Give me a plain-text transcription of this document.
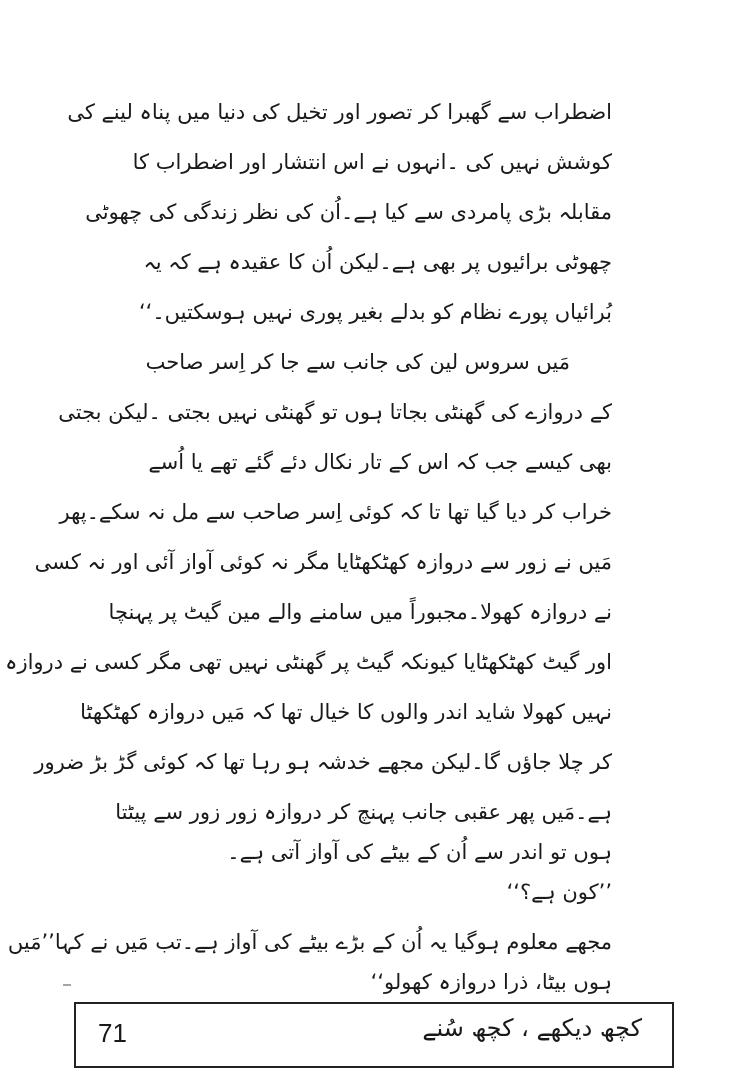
اضطراب سے گھبرا کر تصور اور تخیل کی دنیا میں پناہ لینے کی
کوشش نہیں کی ۔انہوں نے اس انتشار اور اضطراب کا
مقابلہ بڑی پامردی سے کیا ہے۔اُن کی نظر زندگی کی چھوٹی
چھوٹی برائیوں پر بھی ہے۔لیکن اُن کا عقیدہ ہے کہ یہ
بُرائیاں پورے نظام کو بدلے بغیر پوری نہیں ہوسکتیں۔‘‘
مَیں سروس لین کی جانب سے جا کر اِسر صاحب
کے دروازے کی گھنٹی بجاتا ہوں تو گھنٹی نہیں بجتی ۔لیکن بجتی
بھی کیسے جب کہ اس کے تار نکال دئے گئے تھے یا اُسے
خراب کر دیا گیا تھا تا کہ کوئی اِسر صاحب سے مل نہ سکے۔پھر
مَیں نے زور سے دروازہ کھٹکھٹایا مگر نہ کوئی آواز آئی اور نہ کسی
نے دروازہ کھولا۔مجبوراً میں سامنے والے مین گیٹ پر پہنچا
اور گیٹ کھٹکھٹایا کیونکہ گیٹ پر گھنٹی نہیں تھی مگر کسی نے دروازہ
نہیں کھولا شاید اندر والوں کا خیال تھا کہ مَیں دروازہ کھٹکھٹا
کر چلا جاؤں گا۔لیکن مجھے خدشہ ہو رہا تھا کہ کوئی گڑ بڑ ضرور
ہے۔مَیں پھر عقبی جانب پہنچ کر دروازہ زور زور سے پیٹتا
ہوں تو اندر سے اُن کے بیٹے کی آواز آتی ہے۔
’’کون ہے؟‘‘
مجھے معلوم ہوگیا یہ اُن کے بڑے بیٹے کی آواز ہے۔تب مَیں نے کہا’’مَیں
ہوں بیٹا، ذرا دروازہ کھولو‘‘
71	کچھ دیکھے ، کچھ سُنے
